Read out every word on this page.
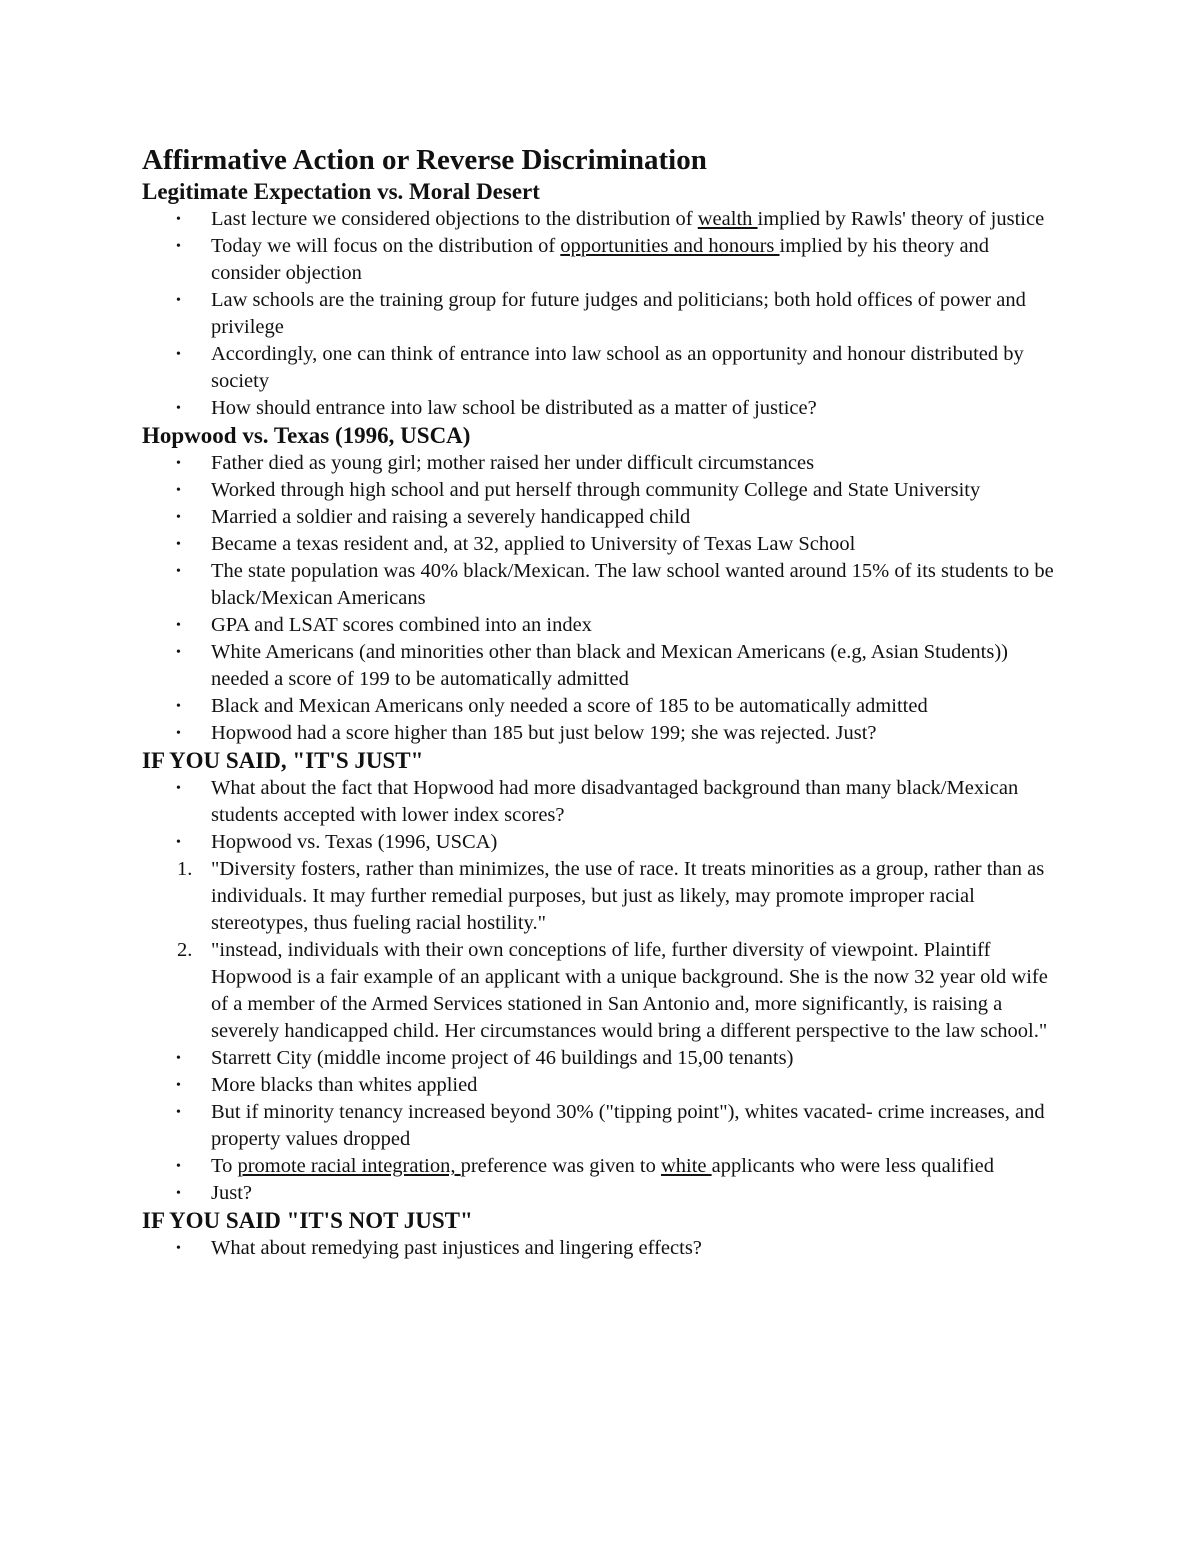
Affirmative Action or Reverse Discrimination
Legitimate Expectation vs. Moral Desert
•	Last lecture we considered objections to the distribution of wealth implied by Rawls' theory of justice
•	Today we will focus on the distribution of opportunities and honours implied by his theory and consider objection
•	Law schools are the training group for future judges and politicians; both hold offices of power and privilege
•	Accordingly, one can think of entrance into law school as an opportunity and honour distributed by society
•	How should entrance into law school be distributed as a matter of justice?
Hopwood vs. Texas (1996, USCA)
•	Father died as young girl; mother raised her under difficult circumstances
•	Worked through high school and put herself through community College and State University
•	Married a soldier and raising a severely handicapped child
•	Became a texas resident and, at 32, applied to University of Texas Law School
•	The state population was 40% black/Mexican. The law school wanted around 15% of its students to be black/Mexican Americans
•	GPA and LSAT scores combined into an index
•	White Americans (and minorities other than black and Mexican Americans (e.g, Asian Students)) needed a score of 199 to be automatically admitted
•	Black and Mexican Americans only needed a score of 185 to be automatically admitted
•	Hopwood had a score higher than 185 but just below 199; she was rejected. Just?
IF YOU SAID, "IT'S JUST"
•	What about the fact that Hopwood had more disadvantaged background than many black/Mexican students accepted with lower index scores?
•	Hopwood vs. Texas (1996, USCA)
1. "Diversity fosters, rather than minimizes, the use of race. It treats minorities as a group, rather than as individuals. It may further remedial purposes, but just as likely, may promote improper racial stereotypes, thus fueling racial hostility."
2. "instead, individuals with their own conceptions of life, further diversity of viewpoint. Plaintiff Hopwood is a fair example of an applicant with a unique background. She is the now 32 year old wife of a member of the Armed Services stationed in San Antonio and, more significantly, is raising a severely handicapped child. Her circumstances would bring a different perspective to the law school."
•	Starrett City (middle income project of 46 buildings and 15,00 tenants)
•	More blacks than whites applied
•	But if minority tenancy increased beyond 30% ("tipping point"), whites vacated- crime increases, and property values dropped
•	To promote racial integration, preference was given to white applicants who were less qualified
•	Just?
IF YOU SAID "IT'S NOT JUST"
•	What about remedying past injustices and lingering effects?
